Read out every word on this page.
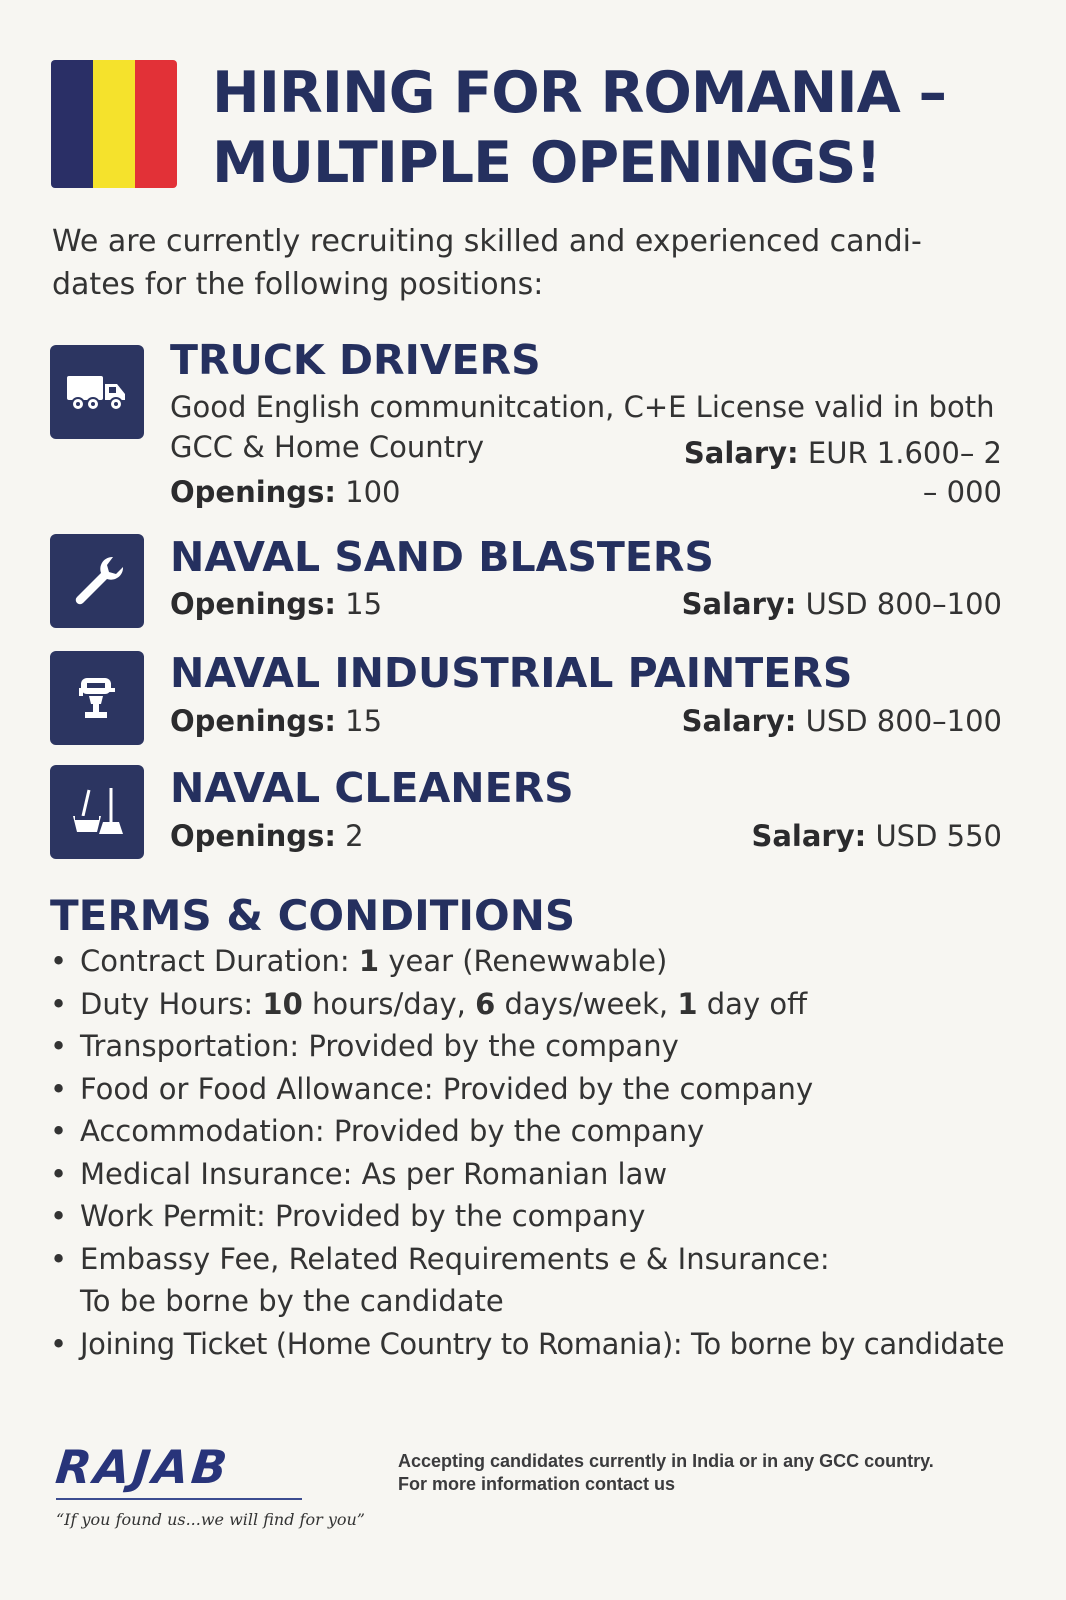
HIRING FOR ROMANIA –
MULTIPLE OPENINGS!
We are currently recruiting skilled and experienced candi-
dates for the following positions:
TRUCK DRIVERS
Good English communitcation, C+E License valid in both
GCC & Home Country	Salary: EUR 1.600– 2
Openings: 100	– 000
NAVAL SAND BLASTERS
Openings: 15	Salary: USD 800–100
NAVAL INDUSTRIAL PAINTERS
Openings: 15	Salary: USD 800–100
NAVAL CLEANERS
Openings: 2	Salary: USD 550
TERMS & CONDITIONS
• Contract Duration: 1 year (Renewwable)
• Duty Hours: 10 hours/day, 6 days/week, 1 day off
• Transportation: Provided by the company
• Food or Food Allowance: Provided by the company
• Accommodation: Provided by the company
• Medical Insurance: As per Romanian law
• Work Permit: Provided by the company
• Embassy Fee, Related Requirements e & Insurance:
To be borne by the candidate
• Joining Ticket (Home Country to Romania): To borne by candidate
RAJAB
“If you found us...we will find for you”
Accepting candidates currently in India or in any GCC country.
For more information contact us
